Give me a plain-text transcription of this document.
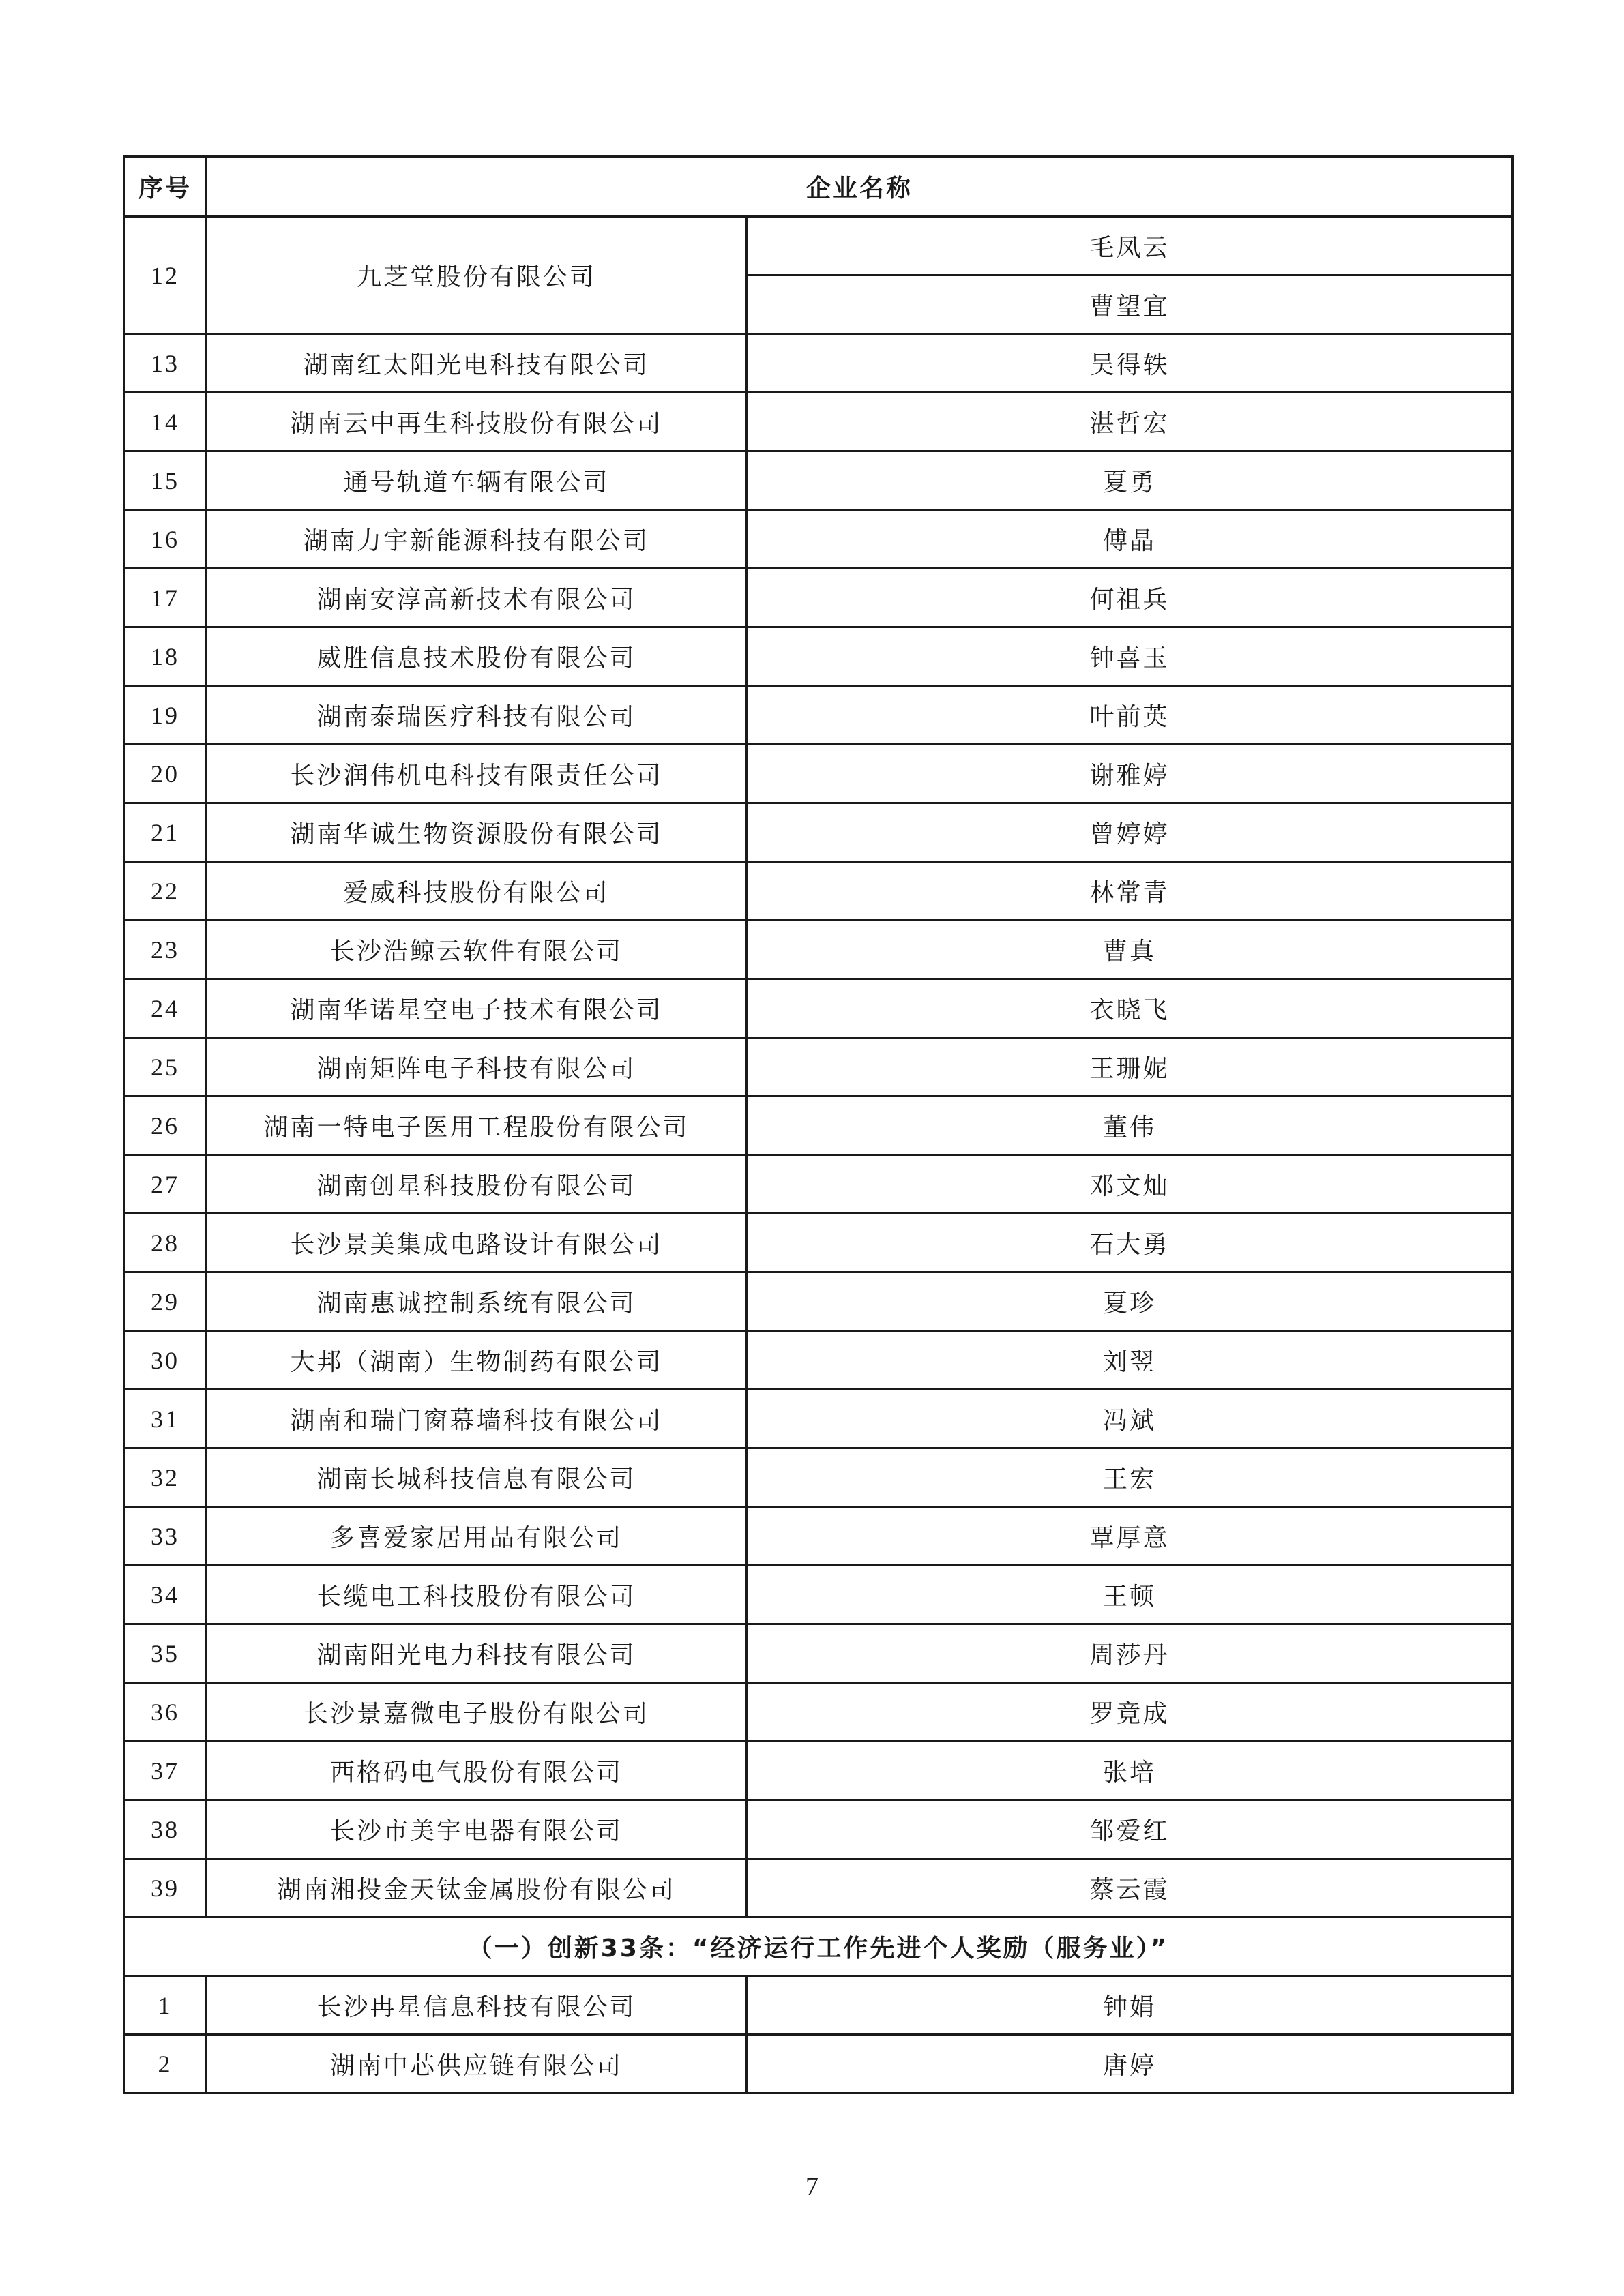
序号	企业名称	
12	九芝堂股份有限公司	毛凤云
		曹望宜
13	湖南红太阳光电科技有限公司	吴得轶
14	湖南云中再生科技股份有限公司	湛哲宏
15	通号轨道车辆有限公司	夏勇
16	湖南力宇新能源科技有限公司	傅晶
17	湖南安淳高新技术有限公司	何祖兵
18	威胜信息技术股份有限公司	钟喜玉
19	湖南泰瑞医疗科技有限公司	叶前英
20	长沙润伟机电科技有限责任公司	谢雅婷
21	湖南华诚生物资源股份有限公司	曾婷婷
22	爱威科技股份有限公司	林常青
23	长沙浩鲸云软件有限公司	曹真
24	湖南华诺星空电子技术有限公司	衣晓飞
25	湖南矩阵电子科技有限公司	王珊妮
26	湖南一特电子医用工程股份有限公司	董伟
27	湖南创星科技股份有限公司	邓文灿
28	长沙景美集成电路设计有限公司	石大勇
29	湖南惠诚控制系统有限公司	夏珍
30	大邦（湖南）生物制药有限公司	刘翌
31	湖南和瑞门窗幕墙科技有限公司	冯斌
32	湖南长城科技信息有限公司	王宏
33	多喜爱家居用品有限公司	覃厚意
34	长缆电工科技股份有限公司	王顿
35	湖南阳光电力科技有限公司	周莎丹
36	长沙景嘉微电子股份有限公司	罗竟成
37	西格码电气股份有限公司	张培
38	长沙市美宇电器有限公司	邹爱红
39	湖南湘投金天钛金属股份有限公司	蔡云霞
（一）创新33条：“经济运行工作先进个人奖励（服务业）”		
1	长沙冉星信息科技有限公司	钟娟
2	湖南中芯供应链有限公司	唐婷
7
